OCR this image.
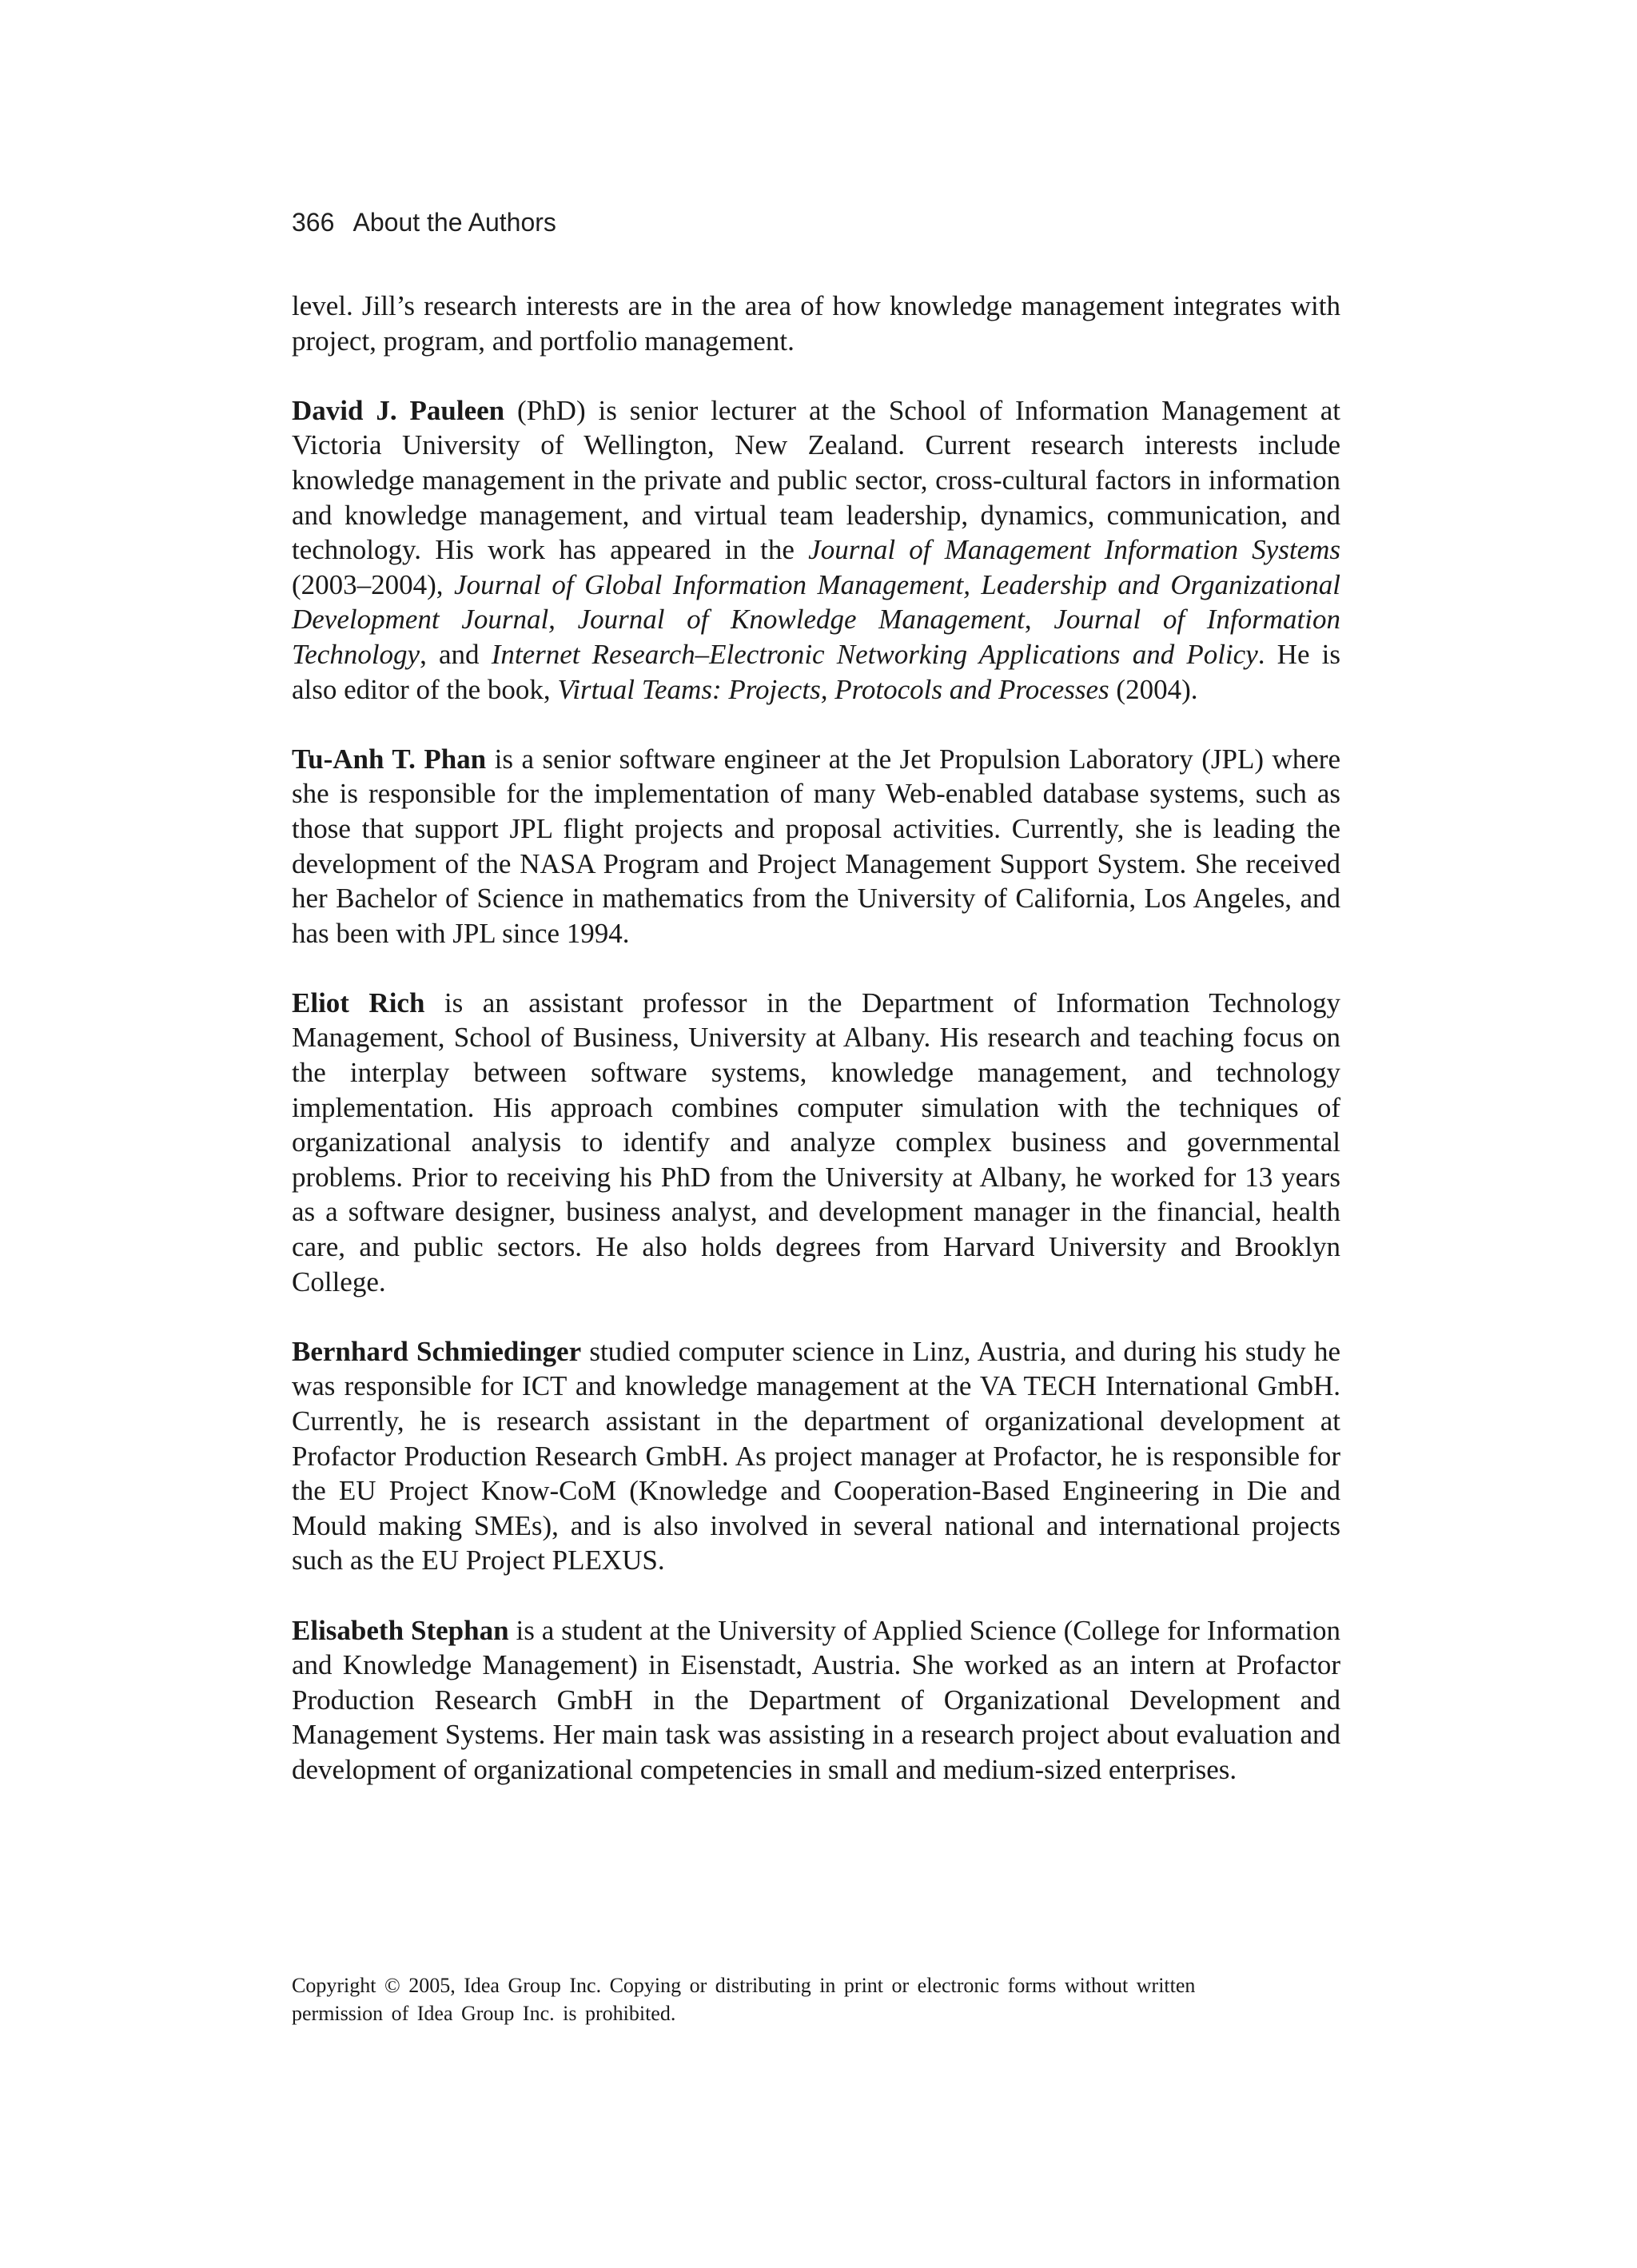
366 About the Authors

level. Jill’s research interests are in the area of how knowledge management integrates with project, program, and portfolio management.

David J. Pauleen (PhD) is senior lecturer at the School of Information Management at Victoria University of Wellington, New Zealand. Current research interests include knowledge management in the private and public sector, cross-cultural factors in information and knowledge management, and virtual team leadership, dynamics, communication, and technology. His work has appeared in the Journal of Management Information Systems (2003–2004), Journal of Global Information Management, Leadership and Organizational Development Journal, Journal of Knowledge Management, Journal of Information Technology, and Internet Research–Electronic Networking Applications and Policy. He is also editor of the book, Virtual Teams: Projects, Protocols and Processes (2004).

Tu-Anh T. Phan is a senior software engineer at the Jet Propulsion Laboratory (JPL) where she is responsible for the implementation of many Web-enabled database systems, such as those that support JPL flight projects and proposal activities. Currently, she is leading the development of the NASA Program and Project Management Support System. She received her Bachelor of Science in mathematics from the University of California, Los Angeles, and has been with JPL since 1994.

Eliot Rich is an assistant professor in the Department of Information Technology Management, School of Business, University at Albany. His research and teaching focus on the interplay between software systems, knowledge management, and technology implementation. His approach combines computer simulation with the techniques of organizational analysis to identify and analyze complex business and governmental problems. Prior to receiving his PhD from the University at Albany, he worked for 13 years as a software designer, business analyst, and development manager in the financial, health care, and public sectors. He also holds degrees from Harvard University and Brooklyn College.

Bernhard Schmiedinger studied computer science in Linz, Austria, and during his study he was responsible for ICT and knowledge management at the VA TECH International GmbH. Currently, he is research assistant in the department of organizational development at Profactor Production Research GmbH. As project manager at Profactor, he is responsible for the EU Project Know-CoM (Knowledge and Cooperation-Based Engineering in Die and Mould making SMEs), and is also involved in several national and international projects such as the EU Project PLEXUS.

Elisabeth Stephan is a student at the University of Applied Science (College for Information and Knowledge Management) in Eisenstadt, Austria. She worked as an intern at Profactor Production Research GmbH in the Department of Organizational Development and Management Systems. Her main task was assisting in a research project about evaluation and development of organizational competencies in small and medium-sized enterprises.

Copyright © 2005, Idea Group Inc. Copying or distributing in print or electronic forms without written
permission of Idea Group Inc. is prohibited.
